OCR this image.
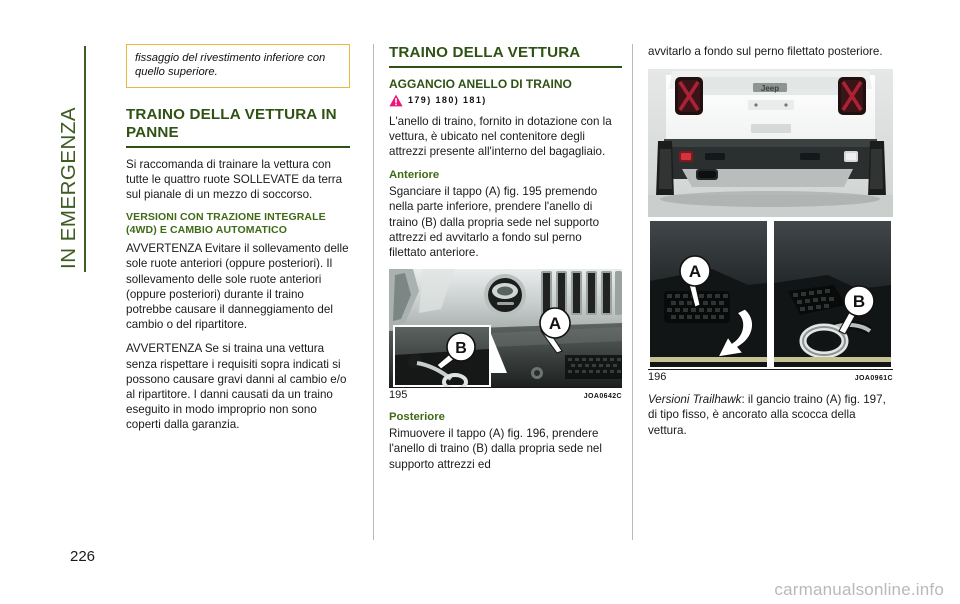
IN EMERGENZA
fissaggio del rivestimento inferiore con quello superiore.
TRAINO DELLA VETTURA IN PANNE

Si raccomanda di trainare la vettura con tutte le quattro ruote SOLLEVATE da terra sul pianale di un mezzo di soccorso.

VERSIONI CON TRAZIONE INTEGRALE (4WD) E CAMBIO AUTOMATICO

AVVERTENZA Evitare il sollevamento delle sole ruote anteriori (oppure posteriori). Il sollevamento delle sole ruote anteriori (oppure posteriori) durante il traino potrebbe causare il danneggiamento del cambio o del ripartitore.

AVVERTENZA Se si traina una vettura senza rispettare i requisiti sopra indicati si possono causare gravi danni al cambio e/o al ripartitore. I danni causati da un traino eseguito in modo improprio non sono coperti dalla garanzia.

TRAINO DELLA VETTURA
AGGANCIO ANELLO DI TRAINO
179) 180) 181)

L'anello di traino, fornito in dotazione con la vettura, è ubicato nel contenitore degli attrezzi presente all'interno del bagagliaio.

Anteriore

Sganciare il tappo (A) fig. 195 premendo nella parte inferiore, prendere l'anello di traino (B) dalla propria sede nel supporto attrezzi ed avvitarlo a fondo sul perno filettato anteriore.

A
B
195	JOA0642C
Posteriore

Rimuovere il tappo (A) fig. 196, prendere l'anello di traino (B) dalla propria sede nel supporto attrezzi ed

avvitarlo a fondo sul perno filettato posteriore.

Jeep
A
B
196	JOA0961C

Versioni Trailhawk: il gancio traino (A) fig. 197, di tipo fisso, è ancorato alla scocca della vettura.

226
carmanualsonline.info
